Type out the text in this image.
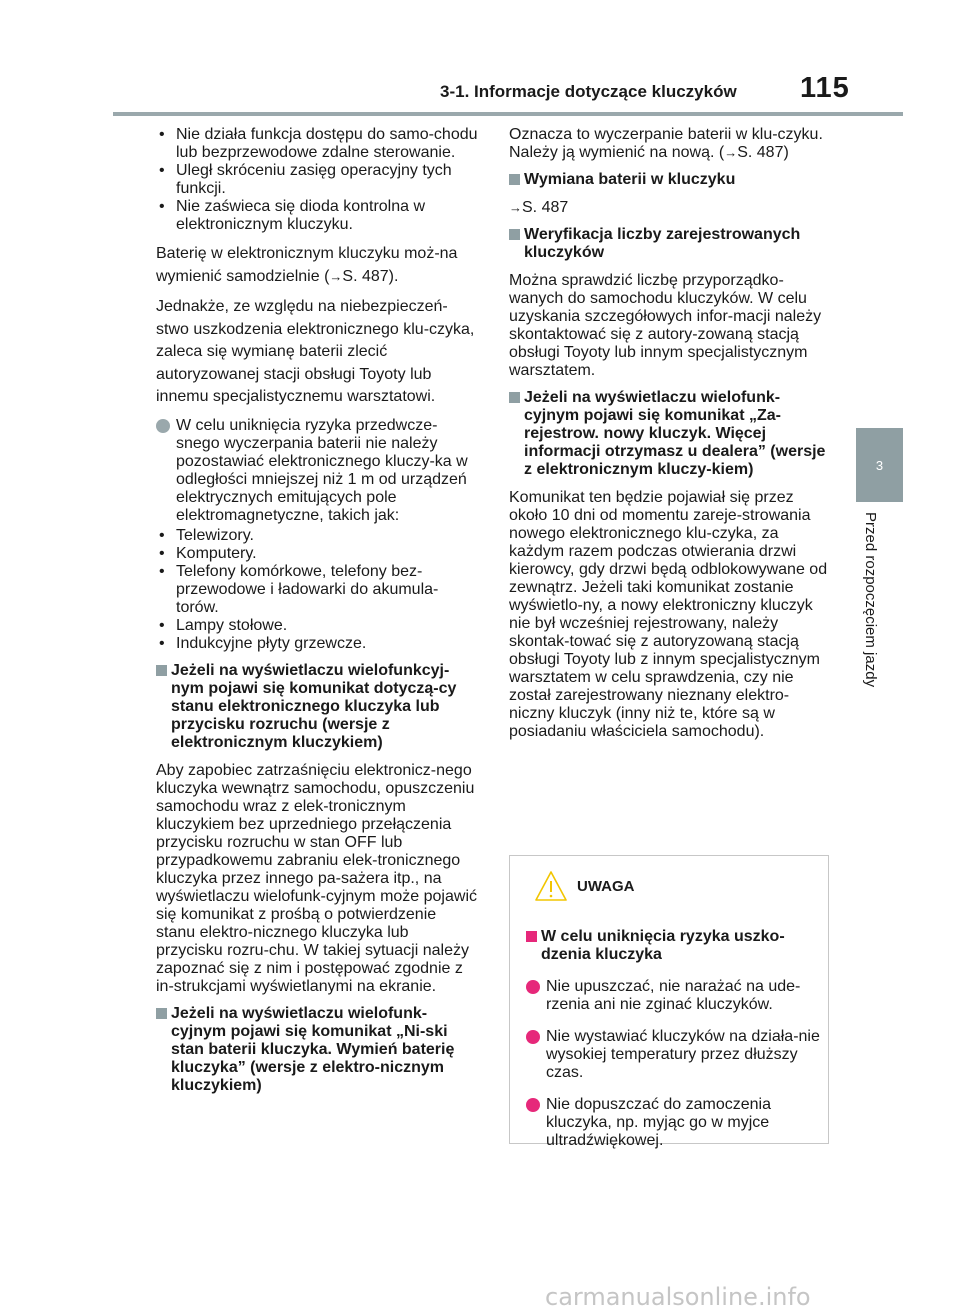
3-1. Informacje dotyczące kluczyków 115
3
Przed rozpoczęciem jazdy
• Nie działa funkcja dostępu do samo-chodu lub bezprzewodowe zdalne sterowanie.
• Uległ skróceniu zasięg operacyjny tych funkcji.
• Nie zaświeca się dioda kontrolna w elektronicznym kluczyku.

Baterię w elektronicznym kluczyku moż-na wymienić samodzielnie (→S. 487).

Jednakże, ze względu na niebezpieczeń-stwo uszkodzenia elektronicznego klu-czyka, zaleca się wymianę baterii zlecić autoryzowanej stacji obsługi Toyoty lub innemu specjalistycznemu warsztatowi.

W celu uniknięcia ryzyka przedwcze-snego wyczerpania baterii nie należy pozostawiać elektronicznego kluczy-ka w odległości mniejszej niż 1 m od urządzeń elektrycznych emitujących pole elektromagnetyczne, takich jak:
• Telewizory.
• Komputery.
• Telefony komórkowe, telefony bez-przewodowe i ładowarki do akumula-torów.
• Lampy stołowe.
• Indukcyjne płyty grzewcze.
Jeżeli na wyświetlaczu wielofunkcyj-nym pojawi się komunikat dotyczą-cy stanu elektronicznego kluczyka lub przycisku rozruchu (wersje z elektronicznym kluczykiem)

Aby zapobiec zatrzaśnięciu elektronicz-nego kluczyka wewnątrz samochodu, opuszczeniu samochodu wraz z elek-tronicznym kluczykiem bez uprzedniego przełączenia przycisku rozruchu w stan OFF lub przypadkowemu zabraniu elek-tronicznego kluczyka przez innego pa-sażera itp., na wyświetlaczu wielofunk-cyjnym może pojawić się komunikat z prośbą o potwierdzenie stanu elektro-nicznego kluczyka lub przycisku rozru-chu. W takiej sytuacji należy zapoznać się z nim i postępować zgodnie z in-strukcjami wyświetlanymi na ekranie.

Jeżeli na wyświetlaczu wielofunk-cyjnym pojawi się komunikat „Ni-ski stan baterii kluczyka. Wymień baterię kluczyka” (wersje z elektro-nicznym kluczykiem)

Oznacza to wyczerpanie baterii w klu-czyku. Należy ją wymienić na nową. (→S. 487)

Wymiana baterii w kluczyku

→S. 487

Weryfikacja liczby zarejestrowanych kluczyków

Można sprawdzić liczbę przyporządko-wanych do samochodu kluczyków. W celu uzyskania szczegółowych infor-macji należy skontaktować się z autory-zowaną stacją obsługi Toyoty lub innym specjalistycznym warsztatem.

Jeżeli na wyświetlaczu wielofunk-cyjnym pojawi się komunikat „Za-rejestrow. nowy kluczyk. Więcej informacji otrzymasz u dealera” (wersje z elektronicznym kluczy-kiem)

Komunikat ten będzie pojawiał się przez około 10 dni od momentu zareje-strowania nowego elektronicznego klu-czyka, za każdym razem podczas otwierania drzwi kierowcy, gdy drzwi będą odblokowywane od zewnątrz. Jeżeli taki komunikat zostanie wyświetlo-ny, a nowy elektroniczny kluczyk nie był wcześniej rejestrowany, należy skontak-tować się z autoryzowaną stacją obsługi Toyoty lub z innym specjalistycznym warsztatem w celu sprawdzenia, czy nie został zarejestrowany nieznany elektro-niczny kluczyk (inny niż te, które są w posiadaniu właściciela samochodu).

UWAGA
W celu uniknięcia ryzyka uszko-dzenia kluczyka
Nie upuszczać, nie narażać na ude-rzenia ani nie zginać kluczyków.
Nie wystawiać kluczyków na działa-nie wysokiej temperatury przez dłuższy czas.
Nie dopuszczać do zamoczenia kluczyka, np. myjąc go w myjce ultradźwiękowej.
carmanualsonline.info
